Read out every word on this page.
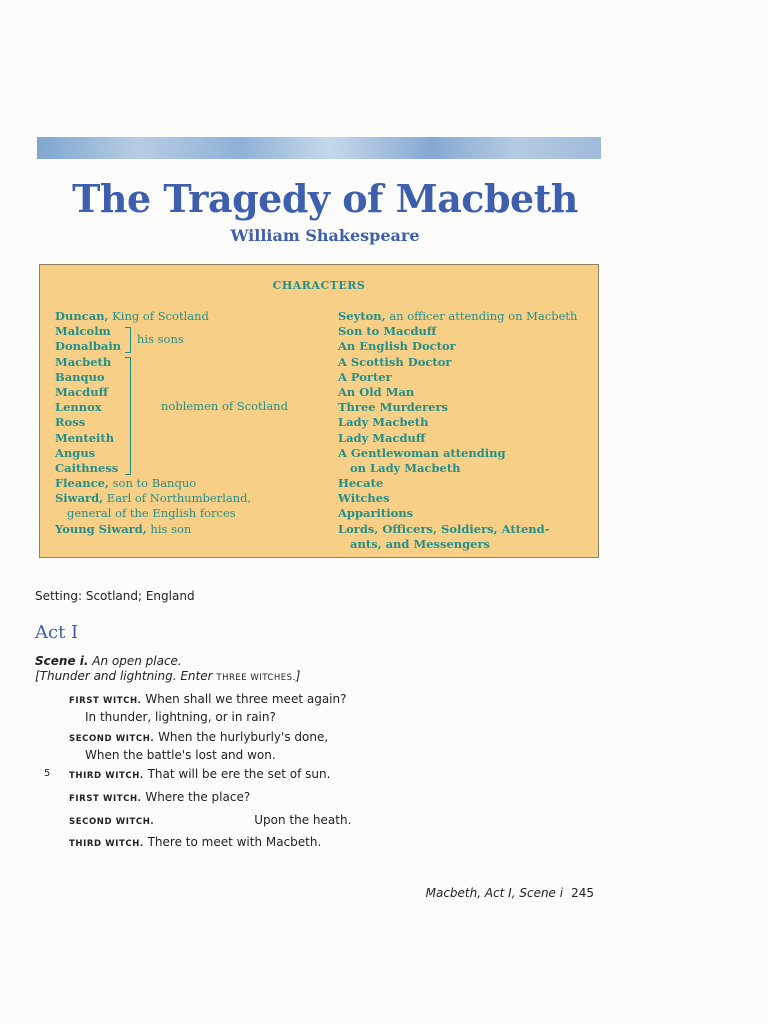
The Tragedy of Macbeth
William Shakespeare
CHARACTERS
Duncan, King of Scotland
Malcolm
Donalbain
Macbeth
Banquo
Macduff
Lennox
Ross
Menteith
Angus
Caithness
Fleance, son to Banquo
Siward, Earl of Northumberland,
general of the English forces
Young Siward, his son
his sons
noblemen of Scotland
Seyton, an officer attending on Macbeth
Son to Macduff
An English Doctor
A Scottish Doctor
A Porter
An Old Man
Three Murderers
Lady Macbeth
Lady Macduff
A Gentlewoman attending
on Lady Macbeth
Hecate
Witches
Apparitions
Lords, Officers, Soldiers, Attend-
ants, and Messengers
Setting: Scotland; England
Act I
Scene i. An open place.
[Thunder and lightning. Enter THREE WITCHES.]
FIRST WITCH. When shall we three meet again?
In thunder, lightning, or in rain?
SECOND WITCH. When the hurlyburly's done,
When the battle's lost and won.
5 THIRD WITCH. That will be ere the set of sun.
FIRST WITCH. Where the place?
SECOND WITCH.	Upon the heath.
THIRD WITCH. There to meet with Macbeth.
Macbeth, Act I, Scene i 245
